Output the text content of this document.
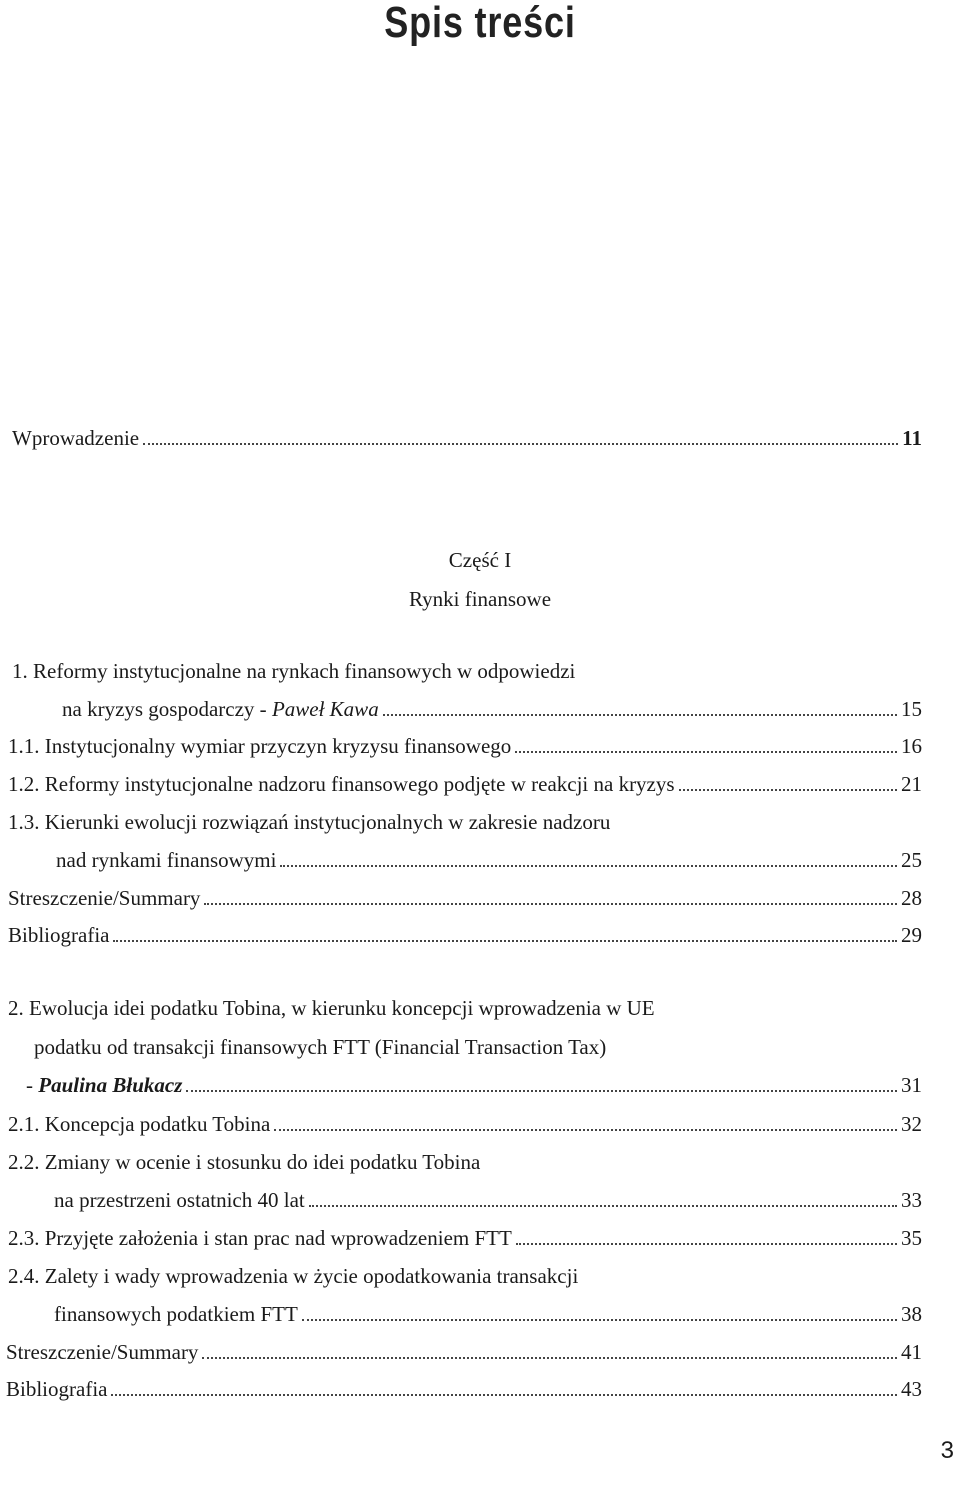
Spis treści
Wprowadzenie	11
Część I
Rynki finansowe
1. Reformy instytucjonalne na rynkach finansowych w odpowiedzi
na kryzys gospodarczy - Paweł Kawa	15
1.1. Instytucjonalny wymiar przyczyn kryzysu finansowego	16
1.2. Reformy instytucjonalne nadzoru finansowego podjęte w reakcji na kryzys	21
1.3. Kierunki ewolucji rozwiązań instytucjonalnych w zakresie nadzoru
nad rynkami finansowymi	25
Streszczenie/Summary	28
Bibliografia	29
2. Ewolucja idei podatku Tobina, w kierunku koncepcji wprowadzenia w UE
podatku od transakcji finansowych FTT (Financial Transaction Tax)
- Paulina Błukacz	31
2.1. Koncepcja podatku Tobina	32
2.2. Zmiany w ocenie i stosunku do idei podatku Tobina
na przestrzeni ostatnich 40 lat	33
2.3. Przyjęte założenia i stan prac nad wprowadzeniem FTT	35
2.4. Zalety i wady wprowadzenia w życie opodatkowania transakcji
finansowych podatkiem FTT	38
Streszczenie/Summary	41
Bibliografia	43
3
